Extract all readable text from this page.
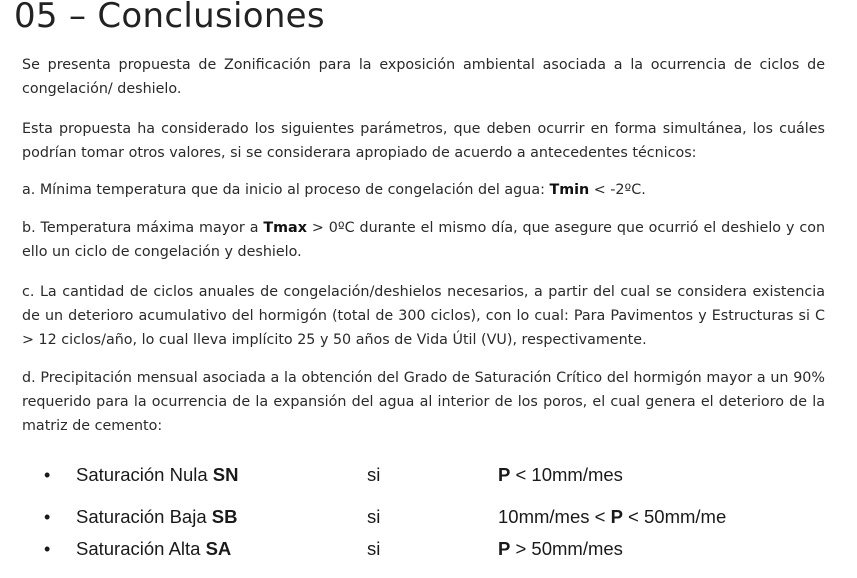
05 – Conclusiones

Se presenta propuesta de Zonificación para la exposición ambiental asociada a la ocurrencia de ciclos de congelación/ deshielo.

Esta propuesta ha considerado los siguientes parámetros, que deben ocurrir en forma simultánea, los cuáles podrían tomar otros valores, si se considerara apropiado de acuerdo a antecedentes técnicos:

a. Mínima temperatura que da inicio al proceso de congelación del agua: Tmin < -2ºC.

b. Temperatura máxima mayor a Tmax > 0ºC durante el mismo día, que asegure que ocurrió el deshielo y con ello un ciclo de congelación y deshielo.

c. La cantidad de ciclos anuales de congelación/deshielos necesarios, a partir del cual se considera existencia de un deterioro acumulativo del hormigón (total de 300 ciclos), con lo cual: Para Pavimentos y Estructuras si C > 12 ciclos/año, lo cual lleva implícito 25 y 50 años de Vida Útil (VU), respectivamente.

d. Precipitación mensual asociada a la obtención del Grado de Saturación Crítico del hormigón mayor a un 90% requerido para la ocurrencia de la expansión del agua al interior de los poros, el cual genera el deterioro de la matriz de cemento:

• Saturación Nula SN	si	P < 10mm/mes
• Saturación Baja SB	si	10mm/mes < P < 50mm/me
• Saturación Alta SA	si	P > 50mm/mes
